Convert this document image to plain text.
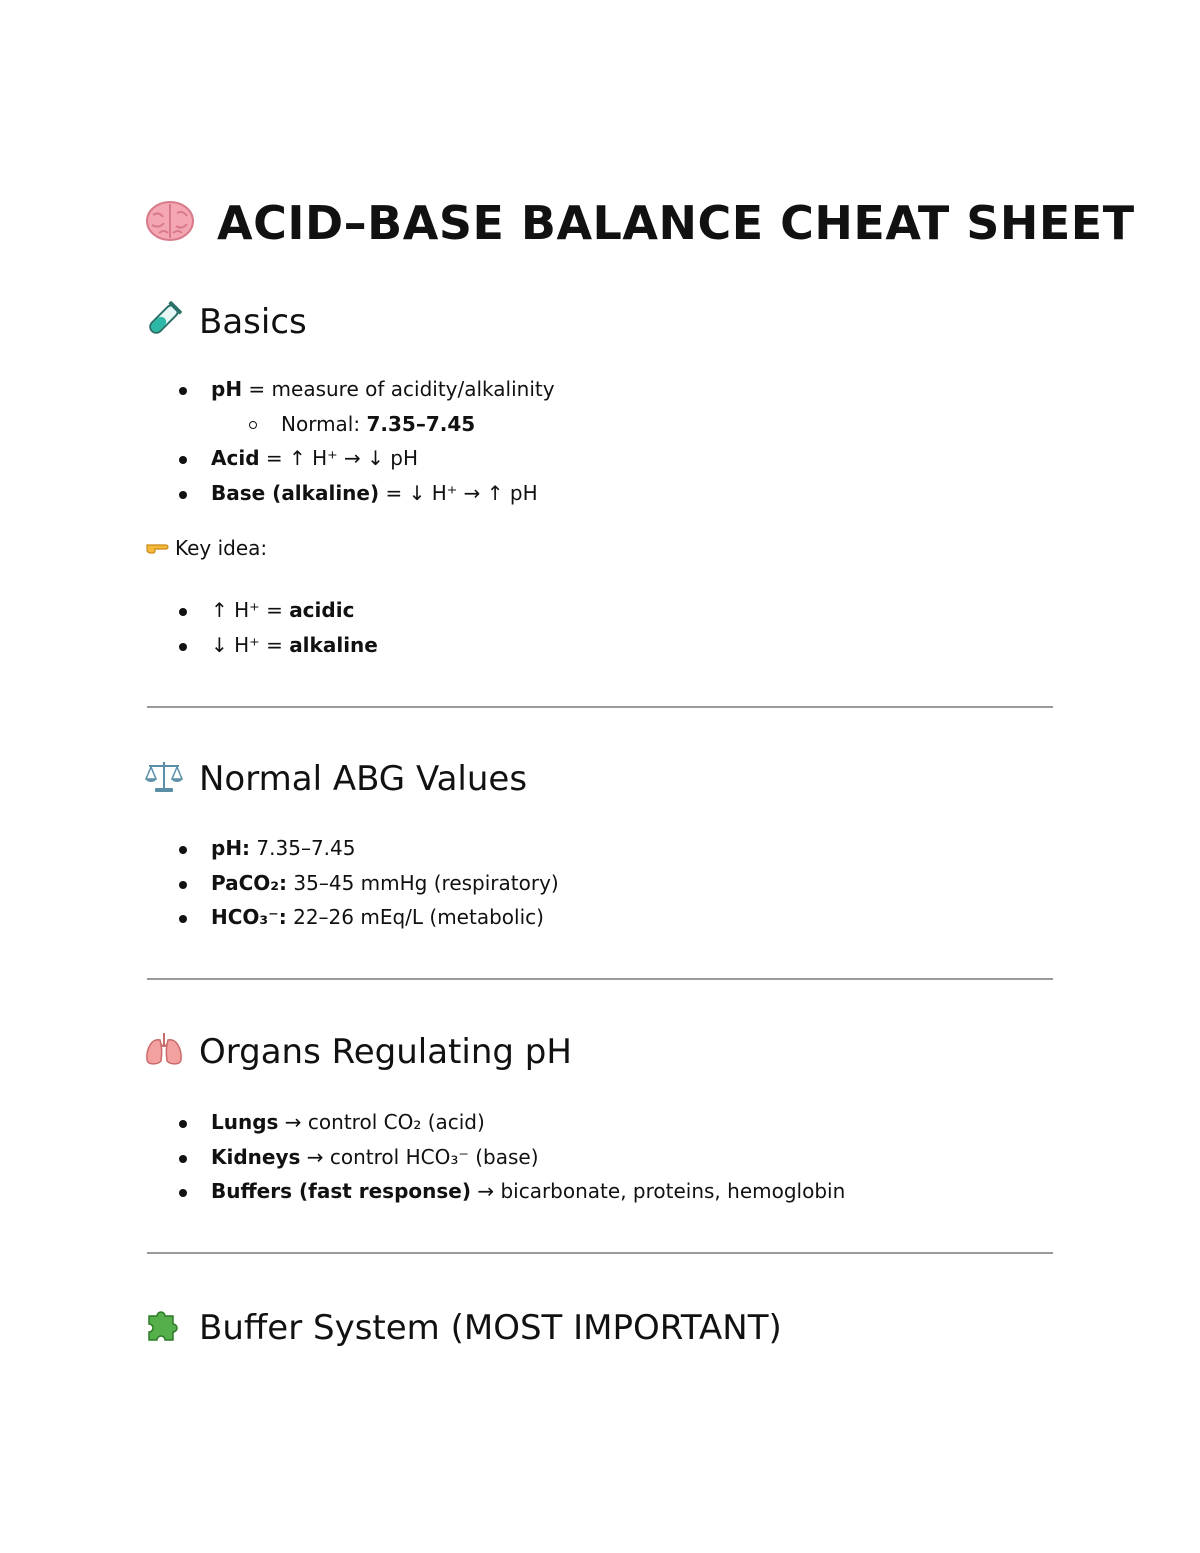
ACID–BASE BALANCE CHEAT SHEET
Basics
pH = measure of acidity/alkalinity
Normal: 7.35–7.45
Acid = ↑ H⁺ → ↓ pH
Base (alkaline) = ↓ H⁺ → ↑ pH
Key idea:
↑ H⁺ = acidic
↓ H⁺ = alkaline
Normal ABG Values
pH: 7.35–7.45
PaCO₂: 35–45 mmHg (respiratory)
HCO₃⁻: 22–26 mEq/L (metabolic)
Organs Regulating pH
Lungs → control CO₂ (acid)
Kidneys → control HCO₃⁻ (base)
Buffers (fast response) → bicarbonate, proteins, hemoglobin
Buffer System (MOST IMPORTANT)
